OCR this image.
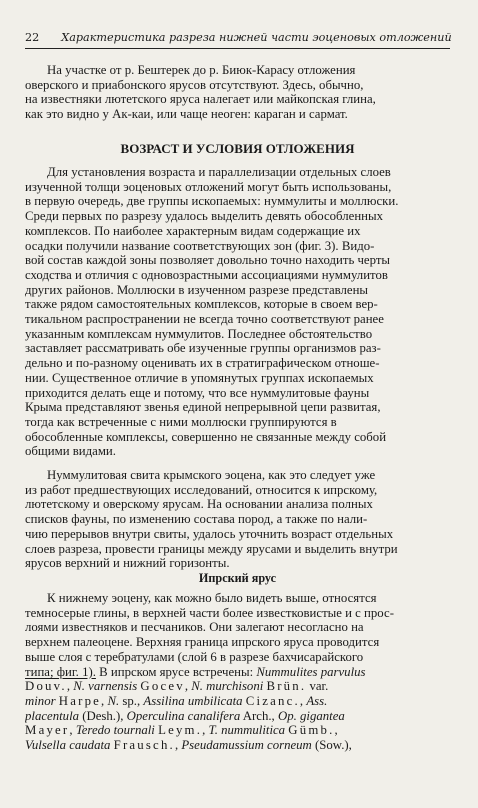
22 Характеристика разреза нижней части эоценовых отложений
На участке от р. Бештерек до р. Биюк-Карасу отложения
оверского и приабонского ярусов отсутствуют. Здесь, обычно,
на известняки лютетского яруса налегает или майкопская глина,
как это видно у Ак-каи, или чаще неоген: караган и сармат.
ВОЗРАСТ И УСЛОВИЯ ОТЛОЖЕНИЯ
Для установления возраста и параллелизации отдельных слоев
изученной толщи эоценовых отложений могут быть использованы,
в первую очередь, две группы ископаемых: нуммулиты и моллюски.
Среди первых по разрезу удалось выделить девять обособленных
комплексов. По наиболее характерным видам содержащие их
осадки получили название соответствующих зон (фиг. 3). Видо-
вой состав каждой зоны позволяет довольно точно находить черты
сходства и отличия с одновозрастными ассоциациями нуммулитов
других районов. Моллюски в изученном разрезе представлены
также рядом самостоятельных комплексов, которые в своем вер-
тикальном распространении не всегда точно соответствуют ранее
указанным комплексам нуммулитов. Последнее обстоятельство
заставляет рассматривать обе изученные группы организмов раз-
дельно и по-разному оценивать их в стратиграфическом отноше-
нии. Существенное отличие в упомянутых группах ископаемых
приходится делать еще и потому, что все нуммулитовые фауны
Крыма представляют звенья единой непрерывной цепи развитая,
тогда как встреченные с ними моллюски группируются в
обособленные комплексы, совершенно не связанные между собой
общими видами.
Нуммулитовая свита крымского эоцена, как это следует уже
из работ предшествующих исследований, относится к ипрскому,
лютетскому и оверскому ярусам. На основании анализа полных
списков фауны, по изменению состава пород, а также по нали-
чию перерывов внутри свиты, удалось уточнить возраст отдельных
слоев разреза, провести границы между ярусами и выделить внутри
ярусов верхний и нижний горизонты.
Ипрский ярус
К нижнему эоцену, как можно было видеть выше, относятся
темносерые глины, в верхней части более известковистые и с прос-
лоями известняков и песчаников. Они залегают несогласно на
верхнем палеоцене. Верхняя граница ипрского яруса проводится
выше слоя с теребратулами (слой 6 в разрезе бахчисарайского
типа; фиг. 1). В ипрском ярусе встречены: Nummulites parvulus
Douv., N. varnensis Gocev, N. murchisoni Brün. var.
minor Harpe, N. sp., Assilina umbilicata Cizanc., Ass.
placentula (Desh.), Operculina canalifera Arch., Op. gigantea
Mayer, Teredo tournali Leym., T. nummulitica Gümb.,
Vulsella caudata Frausch., Pseudamussium corneum (Sow.),
